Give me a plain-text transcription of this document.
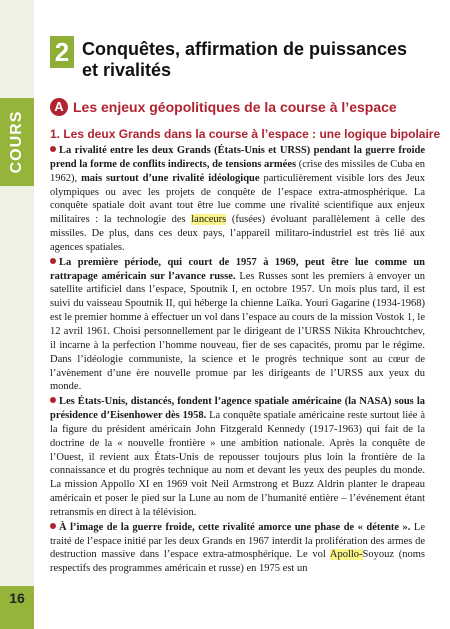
COURS
16
2 Conquêtes, affirmation de puissances et rivalités
A Les enjeux géopolitiques de la course à l’espace
1. Les deux Grands dans la course à l’espace : une logique bipolaire

La rivalité entre les deux Grands (États-Unis et URSS) pendant la guerre froide prend la forme de conflits indirects, de tensions armées (crise des missiles de Cuba en 1962), mais surtout d’une rivalité idéologique particulièrement visible lors des Jeux olympiques ou avec les projets de conquête de l’espace extra-atmosphérique. La conquête spatiale doit avant tout être lue comme une rivalité scientifique aux enjeux militaires : la technologie des lanceurs (fusées) évoluant parallèlement à celle des missiles. De plus, dans ces deux pays, l’appareil militaro-industriel est très lié aux agences spatiales.

La première période, qui court de 1957 à 1969, peut être lue comme un rattrapage américain sur l’avance russe. Les Russes sont les premiers à envoyer un satellite artificiel dans l’espace, Spoutnik I, en octobre 1957. Un mois plus tard, il est suivi du vaisseau Spoutnik II, qui héberge la chienne Laïka. Youri Gagarine (1934-1968) est le premier homme à effectuer un vol dans l’espace au cours de la mission Vostok 1, le 12 avril 1961. Choisi personnellement par le dirigeant de l’URSS Nikita Khrouchtchev, il incarne à la perfection l’homme nouveau, fier de ses capacités, promu par le régime. Dans l’idéologie communiste, la science et le progrès technique sont au cœur de l’avènement d’une ère nouvelle promue par les dirigeants de l’URSS aux yeux du monde.

Les États-Unis, distancés, fondent l’agence spatiale américaine (la NASA) sous la présidence d’Eisenhower dès 1958. La conquête spatiale américaine reste surtout liée à la figure du président américain John Fitzgerald Kennedy (1917-1963) qui fait de la doctrine de la « nouvelle frontière » une ambition nationale. Après la conquête de l’Ouest, il revient aux États-Unis de repousser toujours plus loin la frontière de la connaissance et du progrès technique au nom et devant les yeux des peuples du monde. La mission Appollo XI en 1969 voit Neil Armstrong et Buzz Aldrin planter le drapeau américain et poser le pied sur la Lune au nom de l’humanité entière – l’événement étant retransmis en direct à la télévision.

À l’image de la guerre froide, cette rivalité amorce une phase de « détente ». Le traité de l’espace initié par les deux Grands en 1967 interdit la prolifération des armes de destruction massive dans l’espace extra-atmosphérique. Le vol Apollo-Soyouz (noms respectifs des programmes américain et russe) en 1975 est un
